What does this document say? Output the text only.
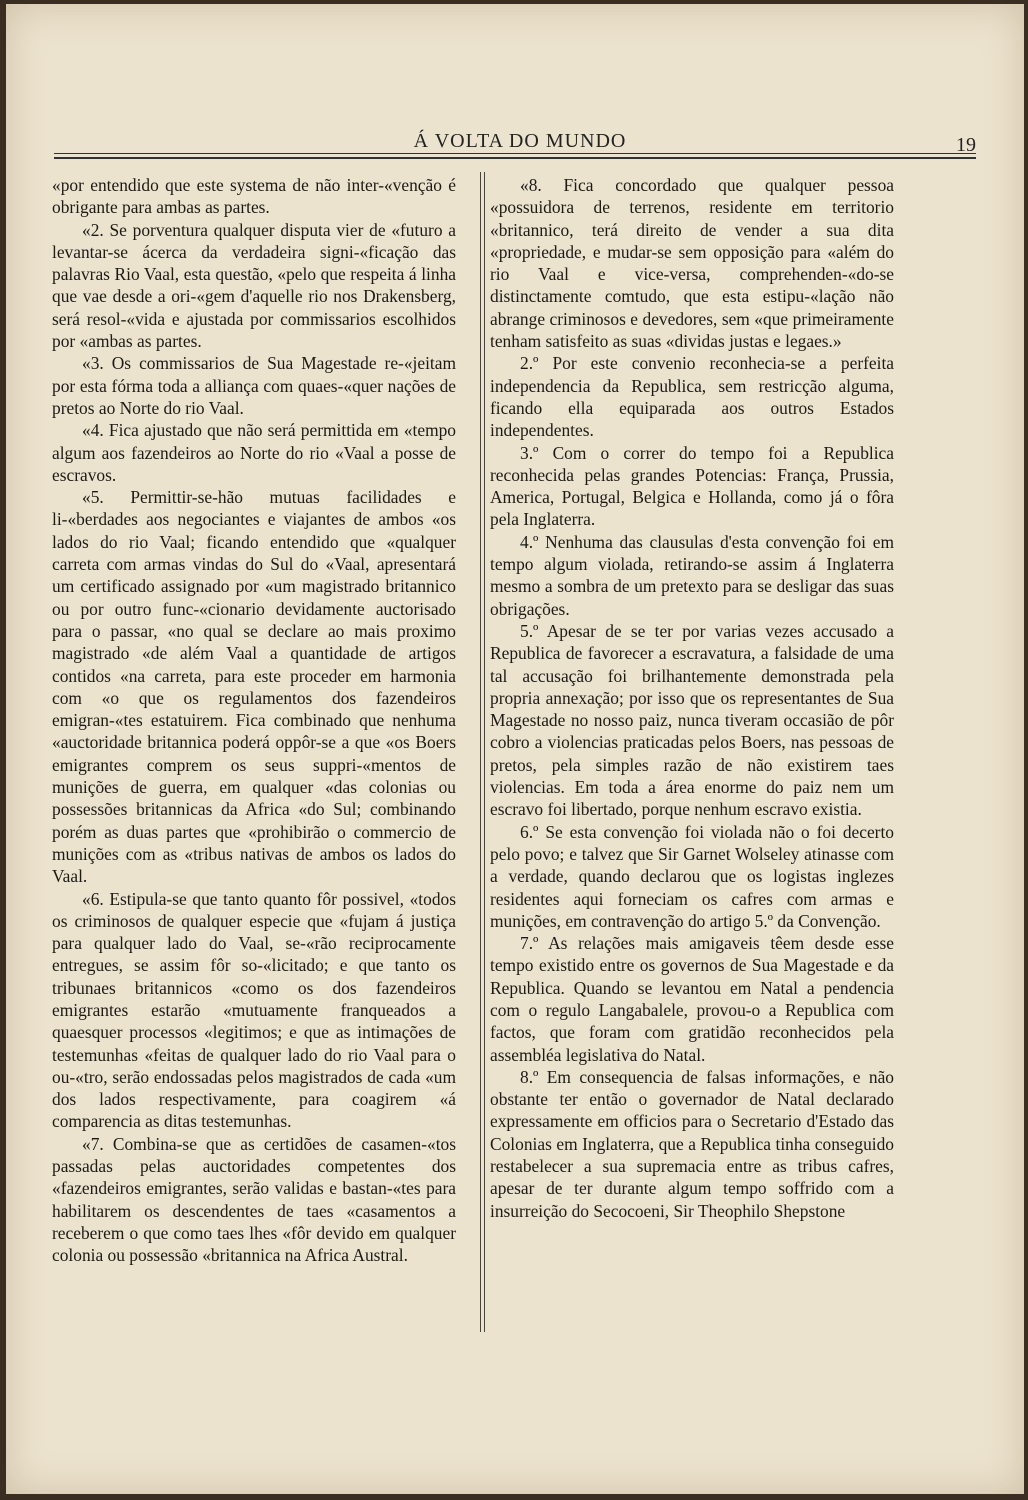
Á VOLTA DO MUNDO	19

«por entendido que este systema de não inter-«venção é obrigante para ambas as partes.

«2. Se porventura qualquer disputa vier de «futuro a levantar-se ácerca da verdadeira signi-«ficação das palavras Rio Vaal, esta questão, «pelo que respeita á linha que vae desde a ori-«gem d'aquelle rio nos Drakensberg, será resol-«vida e ajustada por commissarios escolhidos por «ambas as partes.

«3. Os commissarios de Sua Magestade re-«jeitam por esta fórma toda a alliança com quaes-«quer nações de pretos ao Norte do rio Vaal.

«4. Fica ajustado que não será permittida em «tempo algum aos fazendeiros ao Norte do rio «Vaal a posse de escravos.

«5. Permittir-se-hão mutuas facilidades e li-«berdades aos negociantes e viajantes de ambos «os lados do rio Vaal; ficando entendido que «qualquer carreta com armas vindas do Sul do «Vaal, apresentará um certificado assignado por «um magistrado britannico ou por outro func-«cionario devidamente auctorisado para o passar, «no qual se declare ao mais proximo magistrado «de além Vaal a quantidade de artigos contidos «na carreta, para este proceder em harmonia com «o que os regulamentos dos fazendeiros emigran-«tes estatuirem. Fica combinado que nenhuma «auctoridade britannica poderá oppôr-se a que «os Boers emigrantes comprem os seus suppri-«mentos de munições de guerra, em qualquer «das colonias ou possessões britannicas da Africa «do Sul; combinando porém as duas partes que «prohibirão o commercio de munições com as «tribus nativas de ambos os lados do Vaal.

«6. Estipula-se que tanto quanto fôr possivel, «todos os criminosos de qualquer especie que «fujam á justiça para qualquer lado do Vaal, se-«rão reciprocamente entregues, se assim fôr so-«licitado; e que tanto os tribunaes britannicos «como os dos fazendeiros emigrantes estarão «mutuamente franqueados a quaesquer processos «legitimos; e que as intimações de testemunhas «feitas de qualquer lado do rio Vaal para o ou-«tro, serão endossadas pelos magistrados de cada «um dos lados respectivamente, para coagirem «á comparencia as ditas testemunhas.

«7. Combina-se que as certidões de casamen-«tos passadas pelas auctoridades competentes dos «fazendeiros emigrantes, serão validas e bastan-«tes para habilitarem os descendentes de taes «casamentos a receberem o que como taes lhes «fôr devido em qualquer colonia ou possessão «britannica na Africa Austral.

«8. Fica concordado que qualquer pessoa «possuidora de terrenos, residente em territorio «britannico, terá direito de vender a sua dita «propriedade, e mudar-se sem opposição para «além do rio Vaal e vice-versa, comprehenden-«do-se distinctamente comtudo, que esta estipu-«lação não abrange criminosos e devedores, sem «que primeiramente tenham satisfeito as suas «dividas justas e legaes.»

2.º Por este convenio reconhecia-se a perfeita independencia da Republica, sem restricção alguma, ficando ella equiparada aos outros Estados independentes.

3.º Com o correr do tempo foi a Republica reconhecida pelas grandes Potencias: França, Prussia, America, Portugal, Belgica e Hollanda, como já o fôra pela Inglaterra.

4.º Nenhuma das clausulas d'esta convenção foi em tempo algum violada, retirando-se assim á Inglaterra mesmo a sombra de um pretexto para se desligar das suas obrigações.

5.º Apesar de se ter por varias vezes accusado a Republica de favorecer a escravatura, a falsidade de uma tal accusação foi brilhantemente demonstrada pela propria annexação; por isso que os representantes de Sua Magestade no nosso paiz, nunca tiveram occasião de pôr cobro a violencias praticadas pelos Boers, nas pessoas de pretos, pela simples razão de não existirem taes violencias. Em toda a área enorme do paiz nem um escravo foi libertado, porque nenhum escravo existia.

6.º Se esta convenção foi violada não o foi decerto pelo povo; e talvez que Sir Garnet Wolseley atinasse com a verdade, quando declarou que os logistas inglezes residentes aqui forneciam os cafres com armas e munições, em contravenção do artigo 5.º da Convenção.

7.º As relações mais amigaveis têem desde esse tempo existido entre os governos de Sua Magestade e da Republica. Quando se levantou em Natal a pendencia com o regulo Langabalele, provou-o a Republica com factos, que foram com gratidão reconhecidos pela assembléa legislativa do Natal.

8.º Em consequencia de falsas informações, e não obstante ter então o governador de Natal declarado expressamente em officios para o Secretario d'Estado das Colonias em Inglaterra, que a Republica tinha conseguido restabelecer a sua supremacia entre as tribus cafres, apesar de ter durante algum tempo soffrido com a insurreição do Secocoeni, Sir Theophilo Shepstone
